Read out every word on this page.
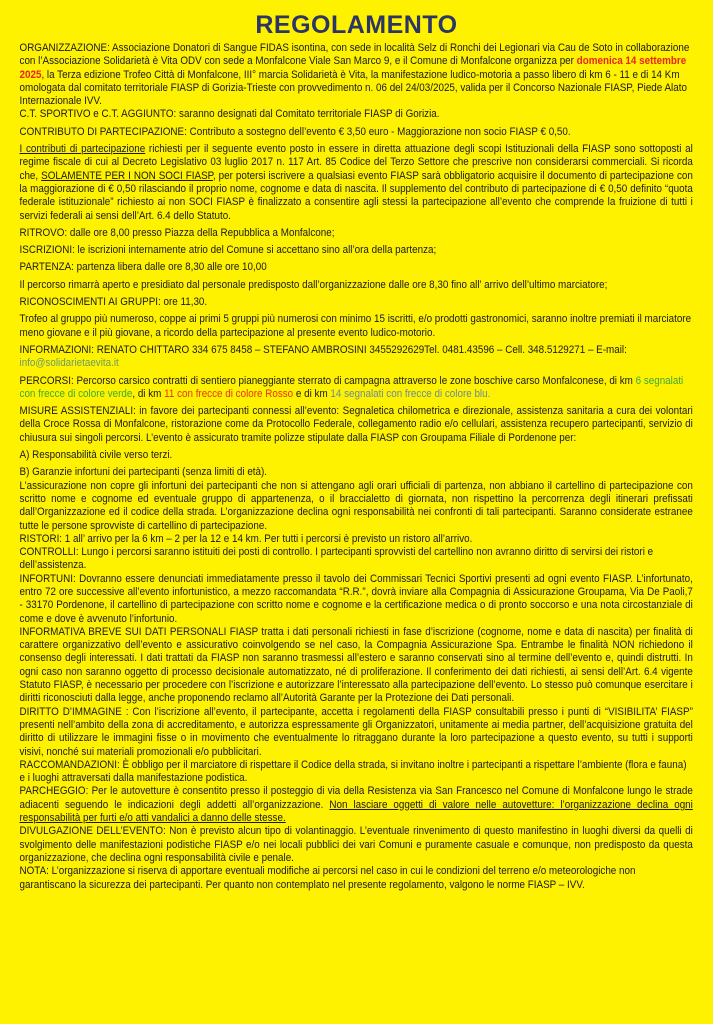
REGOLAMENTO

ORGANIZZAZIONE: Associazione Donatori di Sangue FIDAS isontina, con sede in località Selz di Ronchi dei Legionari via Cau de Soto in collaborazione con l’Associazione Solidarietà è Vita ODV con sede a Monfalcone Viale San Marco 9, e il Comune di Monfalcone organizza per domenica 14 settembre 2025, la Terza edizione Trofeo Città di Monfalcone, III° marcia Solidarietà è Vita, la manifestazione ludico-motoria a passo libero di km 6 - 11 e di 14 Km omologata dal comitato territoriale FIASP di Gorizia-Trieste con provvedimento n. 06 del 24/03/2025, valida per il Concorso Nazionale FIASP, Piede Alato Internazionale IVV.

C.T. SPORTIVO e C.T. AGGIUNTO: saranno designati dal Comitato territoriale FIASP di Gorizia.

CONTRIBUTO DI PARTECIPAZIONE: Contributo a sostegno dell’evento € 3,50 euro - Maggiorazione non socio FIASP € 0,50.

I contributi di partecipazione richiesti per il seguente evento posto in essere in diretta attuazione degli scopi Istituzionali della FIASP sono sottoposti al regime fiscale di cui al Decreto Legislativo 03 luglio 2017 n. 117 Art. 85 Codice del Terzo Settore che prescrive non considerarsi commerciali. Si ricorda che, SOLAMENTE PER I NON SOCI FIASP, per potersi iscrivere a qualsiasi evento FIASP sarà obbligatorio acquisire il documento di partecipazione con la maggiorazione di € 0,50 rilasciando il proprio nome, cognome e data di nascita. Il supplemento del contributo di partecipazione di € 0,50 definito “quota federale istituzionale” richiesto ai non SOCI FIASP è finalizzato a consentire agli stessi la partecipazione all’evento che comprende la fruizione di tutti i servizi federali ai sensi dell’Art. 6.4 dello Statuto.

RITROVO: dalle ore 8,00 presso Piazza della Repubblica a Monfalcone;

ISCRIZIONI: le iscrizioni internamente atrio del Comune si accettano sino all’ora della partenza;

PARTENZA: partenza libera dalle ore 8,30 alle ore 10,00

Il percorso rimarrà aperto e presidiato dal personale predisposto dall’organizzazione dalle ore 8,30 fino all’ arrivo dell’ultimo marciatore;

RICONOSCIMENTI AI GRUPPI: ore 11,30.

Trofeo al gruppo più numeroso, coppe ai primi 5 gruppi più numerosi con minimo 15 iscritti, e/o prodotti gastronomici, saranno inoltre premiati il marciatore meno giovane e il più giovane, a ricordo della partecipazione al presente evento ludico-motorio.

INFORMAZIONI: RENATO CHITTARO 334 675 8458 – STEFANO AMBROSINI 3455292629Tel. 0481.43596 – Cell. 348.5129271 – E-mail: info@solidarietaevita.it

PERCORSI: Percorso carsico contratti di sentiero pianeggiante sterrato di campagna attraverso le zone boschive carso Monfalconese, di km 6 segnalati con frecce di colore verde, di km 11 con frecce di colore Rosso e di km 14 segnalati con frecce di colore blu.

MISURE ASSISTENZIALI: in favore dei partecipanti connessi all’evento: Segnaletica chilometrica e direzionale, assistenza sanitaria a cura dei volontari della Croce Rossa di Monfalcone, ristorazione come da Protocollo Federale, collegamento radio e/o cellulari, assistenza recupero partecipanti, servizio di chiusura sui singoli percorsi. L’evento è assicurato tramite polizze stipulate dalla FIASP con Groupama Filiale di Pordenone per:

A) Responsabilità civile verso terzi.

B) Garanzie infortuni dei partecipanti (senza limiti di età).

L’assicurazione non copre gli infortuni dei partecipanti che non si attengano agli orari ufficiali di partenza, non abbiano il cartellino di partecipazione con scritto nome e cognome ed eventuale gruppo di appartenenza, o il braccialetto di giornata, non rispettino la percorrenza degli itinerari prefissati dall’Organizzazione ed il codice della strada. L’organizzazione declina ogni responsabilità nei confronti di tali partecipanti. Saranno considerate estranee tutte le persone sprovviste di cartellino di partecipazione.

RISTORI: 1 all’ arrivo per la 6 km – 2 per la 12 e 14 km. Per tutti i percorsi è previsto un ristoro all’arrivo.

CONTROLLI: Lungo i percorsi saranno istituiti dei posti di controllo. I partecipanti sprovvisti del cartellino non avranno diritto di servirsi dei ristori e dell’assistenza.

INFORTUNI: Dovranno essere denunciati immediatamente presso il tavolo dei Commissari Tecnici Sportivi presenti ad ogni evento FIASP. L’infortunato, entro 72 ore successive all’evento infortunistico, a mezzo raccomandata “R.R.”, dovrà inviare alla Compagnia di Assicurazione Groupama, Via De Paoli,7 - 33170 Pordenone, il cartellino di partecipazione con scritto nome e cognome e la certificazione medica o di pronto soccorso e una nota circostanziale di come e dove è avvenuto l’infortunio.

INFORMATIVA BREVE SUI DATI PERSONALI FIASP tratta i dati personali richiesti in fase d’iscrizione (cognome, nome e data di nascita) per finalità di carattere organizzativo dell’evento e assicurativo coinvolgendo se nel caso, la Compagnia Assicurazione Spa. Entrambe le finalità NON richiedono il consenso degli interessati. I dati trattati da FIASP non saranno trasmessi all’estero e saranno conservati sino al termine dell’evento e, quindi distrutti. In ogni caso non saranno oggetto di processo decisionale automatizzato, né di proliferazione. Il conferimento dei dati richiesti, ai sensi dell’Art. 6.4 vigente Statuto FIASP, è necessario per procedere con l’iscrizione e autorizzare l’interessato alla partecipazione dell’evento. Lo stesso può comunque esercitare i diritti riconosciuti dalla legge, anche proponendo reclamo all’Autorità Garante per la Protezione dei Dati personali.

DIRITTO D’IMMAGINE : Con l’iscrizione all’evento, il partecipante, accetta i regolamenti della FIASP consultabili presso i punti di “VISIBILITA’ FIASP” presenti nell’ambito della zona di accreditamento, e autorizza espressamente gli Organizzatori, unitamente ai media partner, dell’acquisizione gratuita del diritto di utilizzare le immagini fisse o in movimento che eventualmente lo ritraggano durante la loro partecipazione a questo evento, su tutti i supporti visivi, nonché sui materiali promozionali e/o pubblicitari.

RACCOMANDAZIONI: È obbligo per il marciatore di rispettare il Codice della strada, si invitano inoltre i partecipanti a rispettare l’ambiente (flora e fauna) e i luoghi attraversati dalla manifestazione podistica.

PARCHEGGIO: Per le autovetture è consentito presso il posteggio di via della Resistenza via San Francesco nel Comune di Monfalcone lungo le strade adiacenti seguendo le indicazioni degli addetti all’organizzazione. Non lasciare oggetti di valore nelle autovetture: l’organizzazione declina ogni responsabilità per furti e/o atti vandalici a danno delle stesse.

DIVULGAZIONE DELL’EVENTO: Non è previsto alcun tipo di volantinaggio. L’eventuale rinvenimento di questo manifestino in luoghi diversi da quelli di svolgimento delle manifestazioni podistiche FIASP e/o nei locali pubblici dei vari Comuni e puramente casuale e comunque, non predisposto da questa organizzazione, che declina ogni responsabilità civile e penale.

NOTA: L’organizzazione si riserva di apportare eventuali modifiche ai percorsi nel caso in cui le condizioni del terreno e/o meteorologiche non garantiscano la sicurezza dei partecipanti. Per quanto non contemplato nel presente regolamento, valgono le norme FIASP – IVV.
